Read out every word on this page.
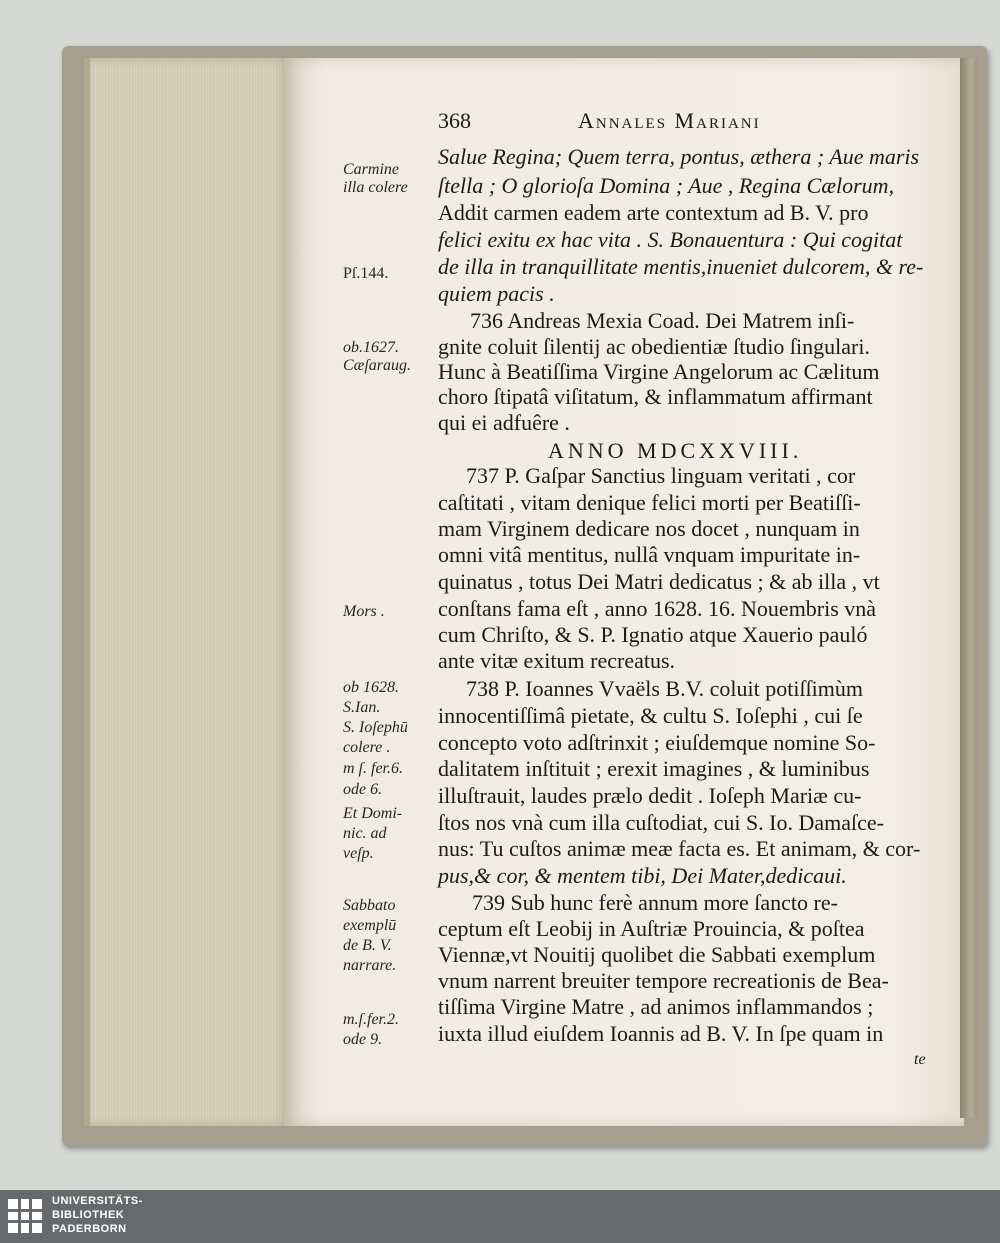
368	Annales Mariani
Salue Regina; Quem terra, pontus, æthera ; Aue maris
ſtella ; O glorioſa Domina ; Aue , Regina Cælorum,
Addit carmen eadem arte contextum ad B. V. pro
felici exitu ex hac vita . S. Bonauentura : Qui cogitat
de illa in tranquillitate mentis,inueniet dulcorem, & re-
quiem pacis .
736 Andreas Mexia Coad. Dei Matrem inſi-
gnite coluit ſilentij ac obedientiæ ſtudio ſingulari.
Hunc à Beatiſſima Virgine Angelorum ac Cælitum
choro ſtipatâ viſitatum, & inflammatum affirmant
qui ei adfuêre .
ANNO MDCXXVIII.
737 P. Gaſpar Sanctius linguam veritati , cor
caſtitati , vitam denique felici morti per Beatiſſi-
mam Virginem dedicare nos docet , nunquam in
omni vitâ mentitus, nullâ vnquam impuritate in-
quinatus , totus Dei Matri dedicatus ; & ab illa , vt
conſtans fama eſt , anno 1628. 16. Nouembris vnà
cum Chriſto, & S. P. Ignatio atque Xauerio pauló
ante vitæ exitum recreatus.
738 P. Ioannes Vvaëls B.V. coluit potiſſimùm
innocentiſſimâ pietate, & cultu S. Ioſephi , cui ſe
concepto voto adſtrinxit ; eiuſdemque nomine So-
dalitatem inſtituit ; erexit imagines , & luminibus
illuſtrauit, laudes prælo dedit . Ioſeph Mariæ cu-
ſtos nos vnà cum illa cuſtodiat, cui S. Io. Damaſce-
nus: Tu cuſtos animæ meæ facta es. Et animam, & cor-
pus,& cor, & mentem tibi, Dei Mater,dedicaui.
739 Sub hunc ferè annum more ſancto re-
ceptum eſt Leobij in Auſtriæ Prouincia, & poſtea
Viennæ,vt Nouitij quolibet die Sabbati exemplum
vnum narrent breuiter tempore recreationis de Bea-
tiſſima Virgine Matre , ad animos inflammandos ;
iuxta illud eiuſdem Ioannis ad B. V. In ſpe quam in
te
Carmine
illa colere
Pſ.144.
ob.1627.
Cæſaraug.
Mors .
ob 1628.
S.Ian.
S. Ioſephū
colere .
m ſ. fer.6.
ode 6.
Et Domi-
nic. ad
veſp.
Sabbato
exemplū
de B. V.
narrare.
m.ſ.fer.2.
ode 9.
UNIVERSITÄTS-
BIBLIOTHEK
PADERBORN
